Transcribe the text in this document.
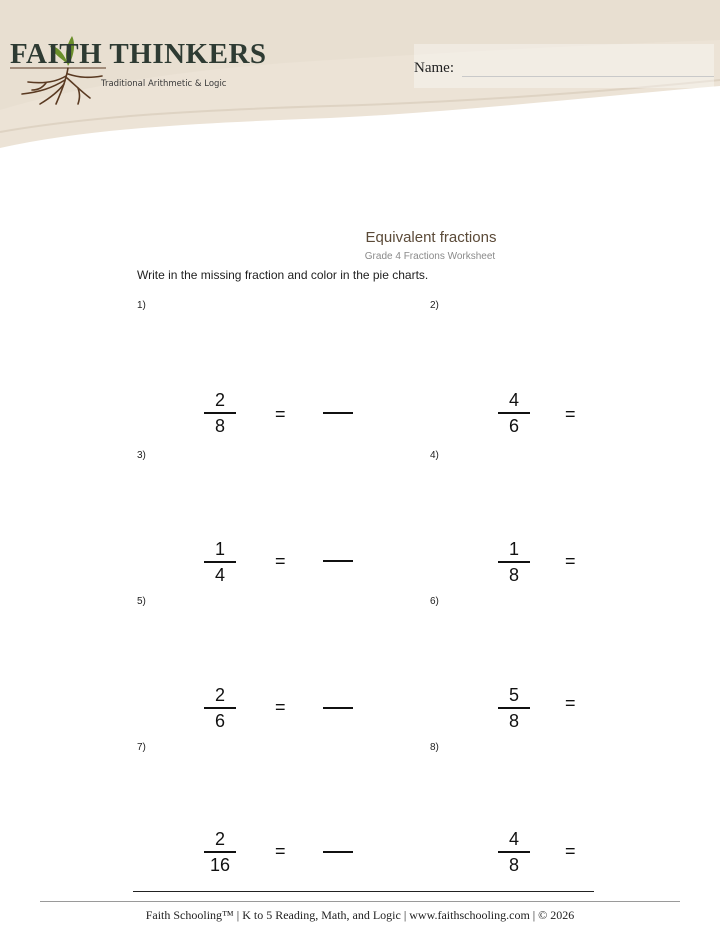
FAITH THINKERS
Traditional Arithmetic & Logic
Name:
Equivalent fractions
Grade 4 Fractions Worksheet
Write in the missing fraction and color in the pie charts.
1)
2
8
=
2)
4
6
=
3)
1
4
=
4)
1
8
=
5)
2
6
=
6)
5
8
=
7)
2
16
=
8)
4
8
=
Faith Schooling™ | K to 5 Reading, Math, and Logic | www.faithschooling.com | © 2026
